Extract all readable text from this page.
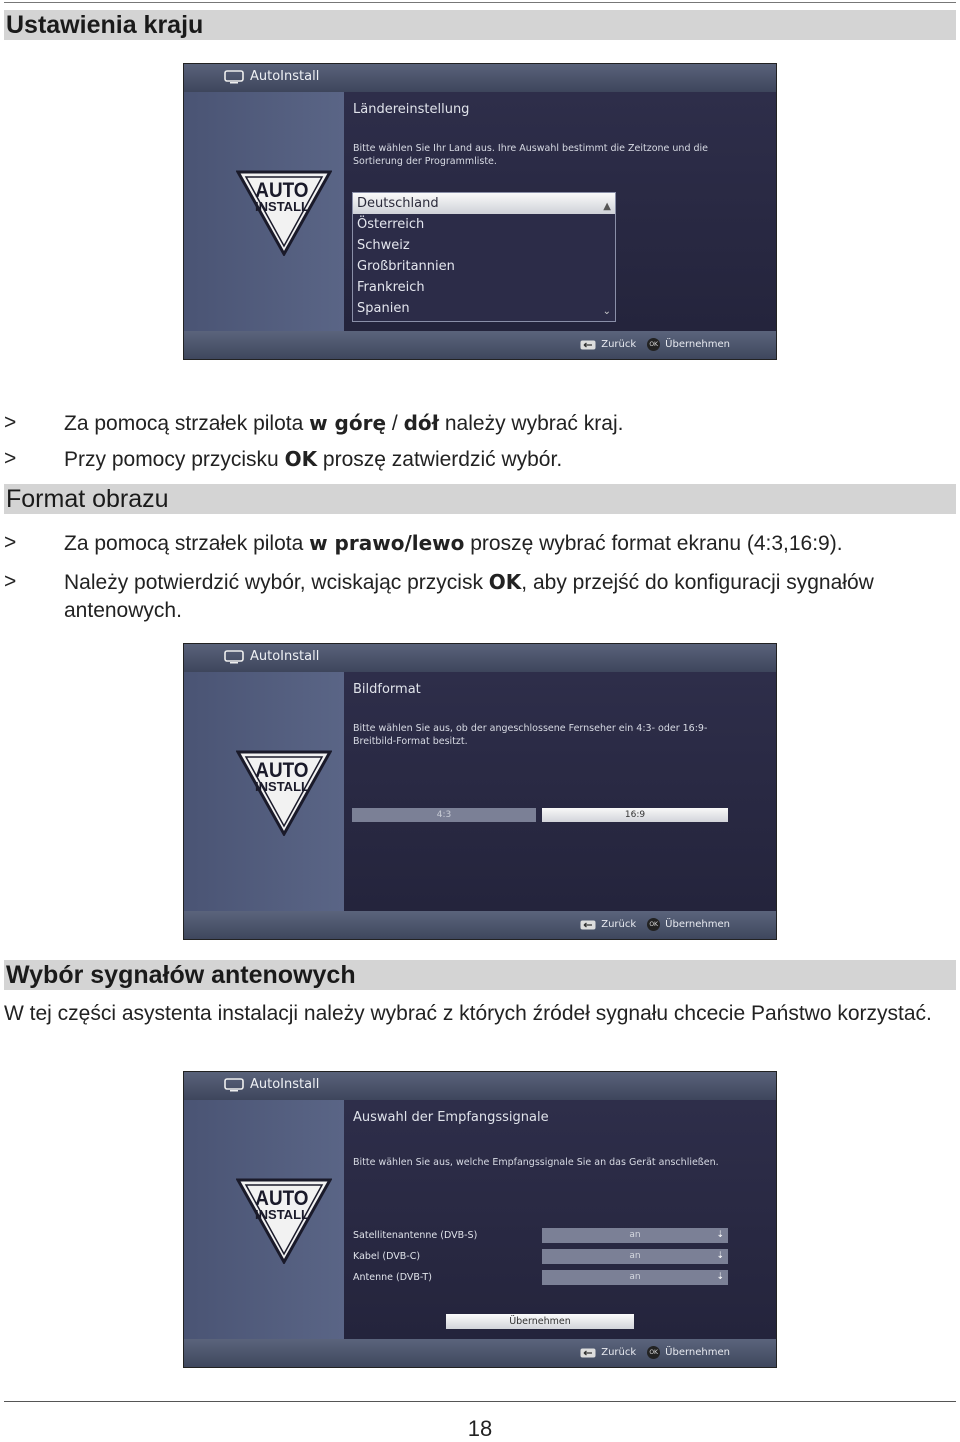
Ustawienia kraju
AutoInstall
AUTO
INSTALL
Ländereinstellung
Bitte wählen Sie Ihr Land aus. Ihre Auswahl bestimmt die Zeitzone und die Sortierung der Programmliste.
Deutschland	▲
Österreich
Schweiz
Großbritannien
Frankreich
Spanien	⌄
Zurück	OK Übernehmen
> Za pomocą strzałek pilota w górę / dół należy wybrać kraj.
> Przy pomocy przycisku OK proszę zatwierdzić wybór.
Format obrazu
> Za pomocą strzałek pilota w prawo/lewo proszę wybrać format ekranu (4:3,16:9).
> Należy potwierdzić wybór, wciskając przycisk OK, aby przejść do konfiguracji sygnałów antenowych.
AutoInstall
AUTO
INSTALL
Bildformat
Bitte wählen Sie aus, ob der angeschlossene Fernseher ein 4:3- oder 16:9-Breitbild-Format besitzt.
4:3	16:9
Zurück	OK Übernehmen
Wybór sygnałów antenowych
W tej części asystenta instalacji należy wybrać z których źródeł sygnału chcecie Państwo korzystać.
AutoInstall
AUTO
INSTALL
Auswahl der Empfangssignale
Bitte wählen Sie aus, welche Empfangssignale Sie an das Gerät anschließen.
Satellitenantenne (DVB-S)	an	⇣
Kabel (DVB-C)	an	⇣
Antenne (DVB-T)	an	⇣
Übernehmen
Zurück	OK Übernehmen
18
